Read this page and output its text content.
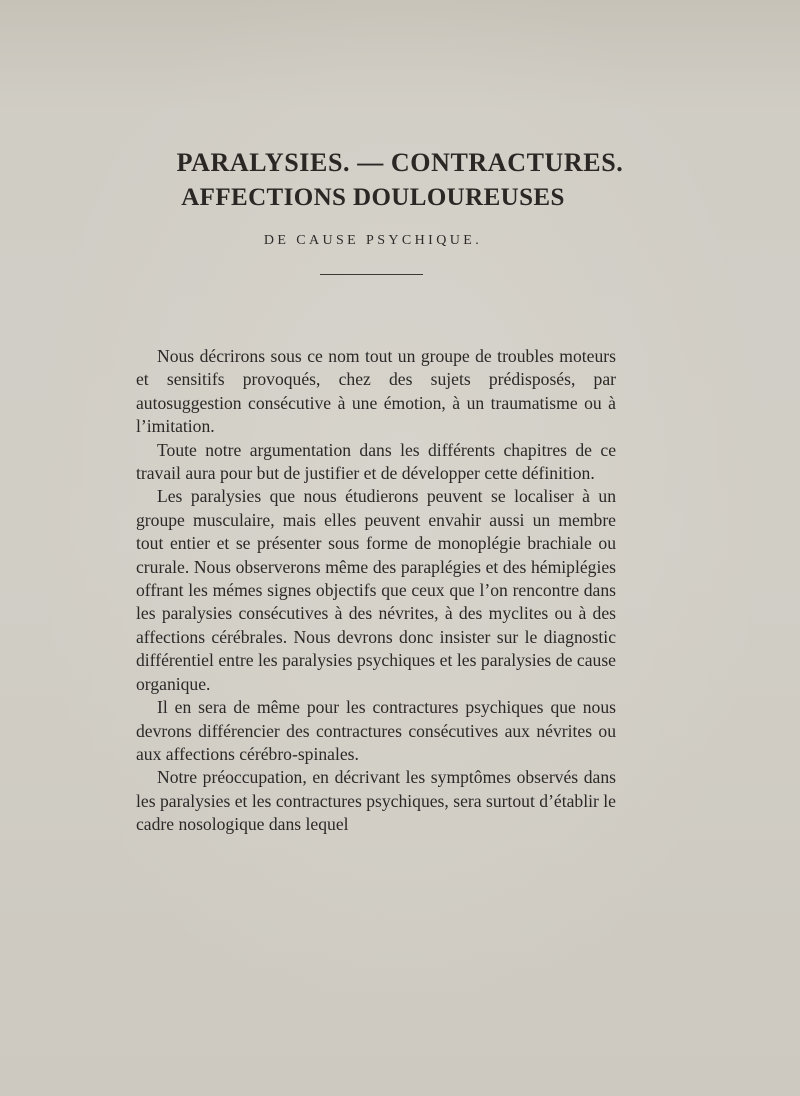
PARALYSIES. — CONTRACTURES.
AFFECTIONS DOULOUREUSES
DE CAUSE PSYCHIQUE.

Nous décrirons sous ce nom tout un groupe de troubles moteurs et sensitifs provoqués, chez des sujets prédisposés, par autosuggestion consécutive à une émotion, à un traumatisme ou à l’imitation.

Toute notre argumentation dans les différents chapitres de ce travail aura pour but de justifier et de développer cette définition.

Les paralysies que nous étudierons peuvent se localiser à un groupe musculaire, mais elles peuvent envahir aussi un membre tout entier et se présenter sous forme de monoplégie brachiale ou crurale. Nous observerons même des paraplégies et des hémiplégies offrant les mémes signes objectifs que ceux que l’on rencontre dans les paralysies consécutives à des névrites, à des myclites ou à des affections cérébrales. Nous devrons donc insister sur le diagnostic différentiel entre les paralysies psychiques et les paralysies de cause organique.

Il en sera de même pour les contractures psychiques que nous devrons différencier des contractures consécutives aux névrites ou aux affections cérébro-spinales.

Notre préoccupation, en décrivant les symptômes observés dans les paralysies et les contractures psychiques, sera surtout d’établir le cadre nosologique dans lequel
